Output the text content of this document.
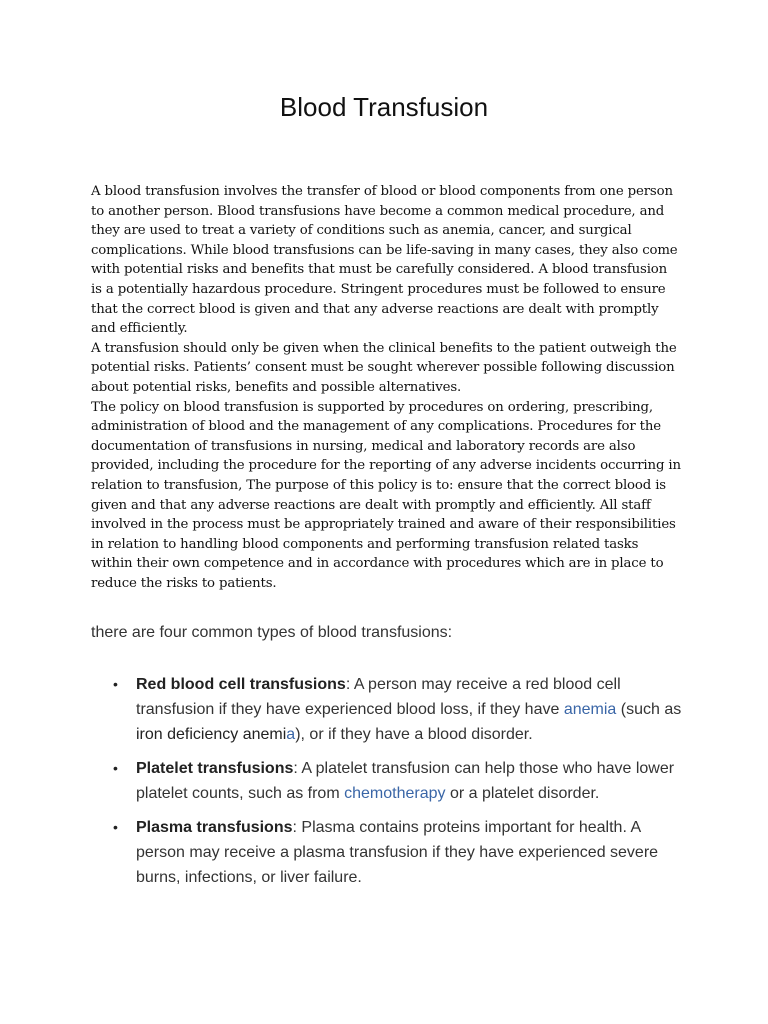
Blood Transfusion

A blood transfusion involves the transfer of blood or blood components from one person to another person. Blood transfusions have become a common medical procedure, and they are used to treat a variety of conditions such as anemia, cancer, and surgical complications. While blood transfusions can be life-saving in many cases, they also come with potential risks and benefits that must be carefully considered. A blood transfusion is a potentially hazardous procedure. Stringent procedures must be followed to ensure that the correct blood is given and that any adverse reactions are dealt with promptly and efficiently.

A transfusion should only be given when the clinical benefits to the patient outweigh the potential risks. Patients’ consent must be sought wherever possible following discussion about potential risks, benefits and possible alternatives.

The policy on blood transfusion is supported by procedures on ordering, prescribing, administration of blood and the management of any complications. Procedures for the documentation of transfusions in nursing, medical and laboratory records are also provided, including the procedure for the reporting of any adverse incidents occurring in relation to transfusion, The purpose of this policy is to: ensure that the correct blood is given and that any adverse reactions are dealt with promptly and efficiently. All staff involved in the process must be appropriately trained and aware of their responsibilities in relation to handling blood components and performing transfusion related tasks within their own competence and in accordance with procedures which are in place to reduce the risks to patients.

there are four common types of blood transfusions:

• Red blood cell transfusions: A person may receive a red blood cell transfusion if they have experienced blood loss, if they have anemia (such as iron deficiency anemia), or if they have a blood disorder.
• Platelet transfusions: A platelet transfusion can help those who have lower platelet counts, such as from chemotherapy or a platelet disorder.
• Plasma transfusions: Plasma contains proteins important for health. A person may receive a plasma transfusion if they have experienced severe burns, infections, or liver failure.
